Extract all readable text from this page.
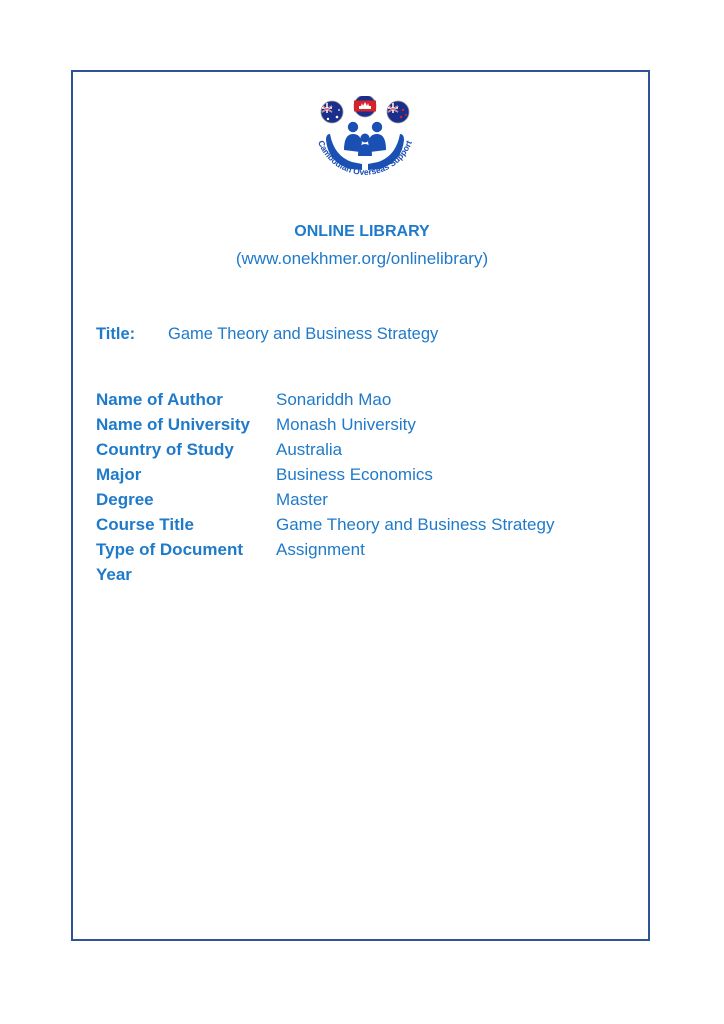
Cambodian Overseas Support
ONLINE LIBRARY
(www.onekhmer.org/onlinelibrary)
Title: Game Theory and Business Strategy
Name of Author	Sonariddh Mao
Name of University Monash University
Country of Study Australia
Major	Business Economics
Degree	Master
Course Title	Game Theory and Business Strategy
Type of Document Assignment
Year
